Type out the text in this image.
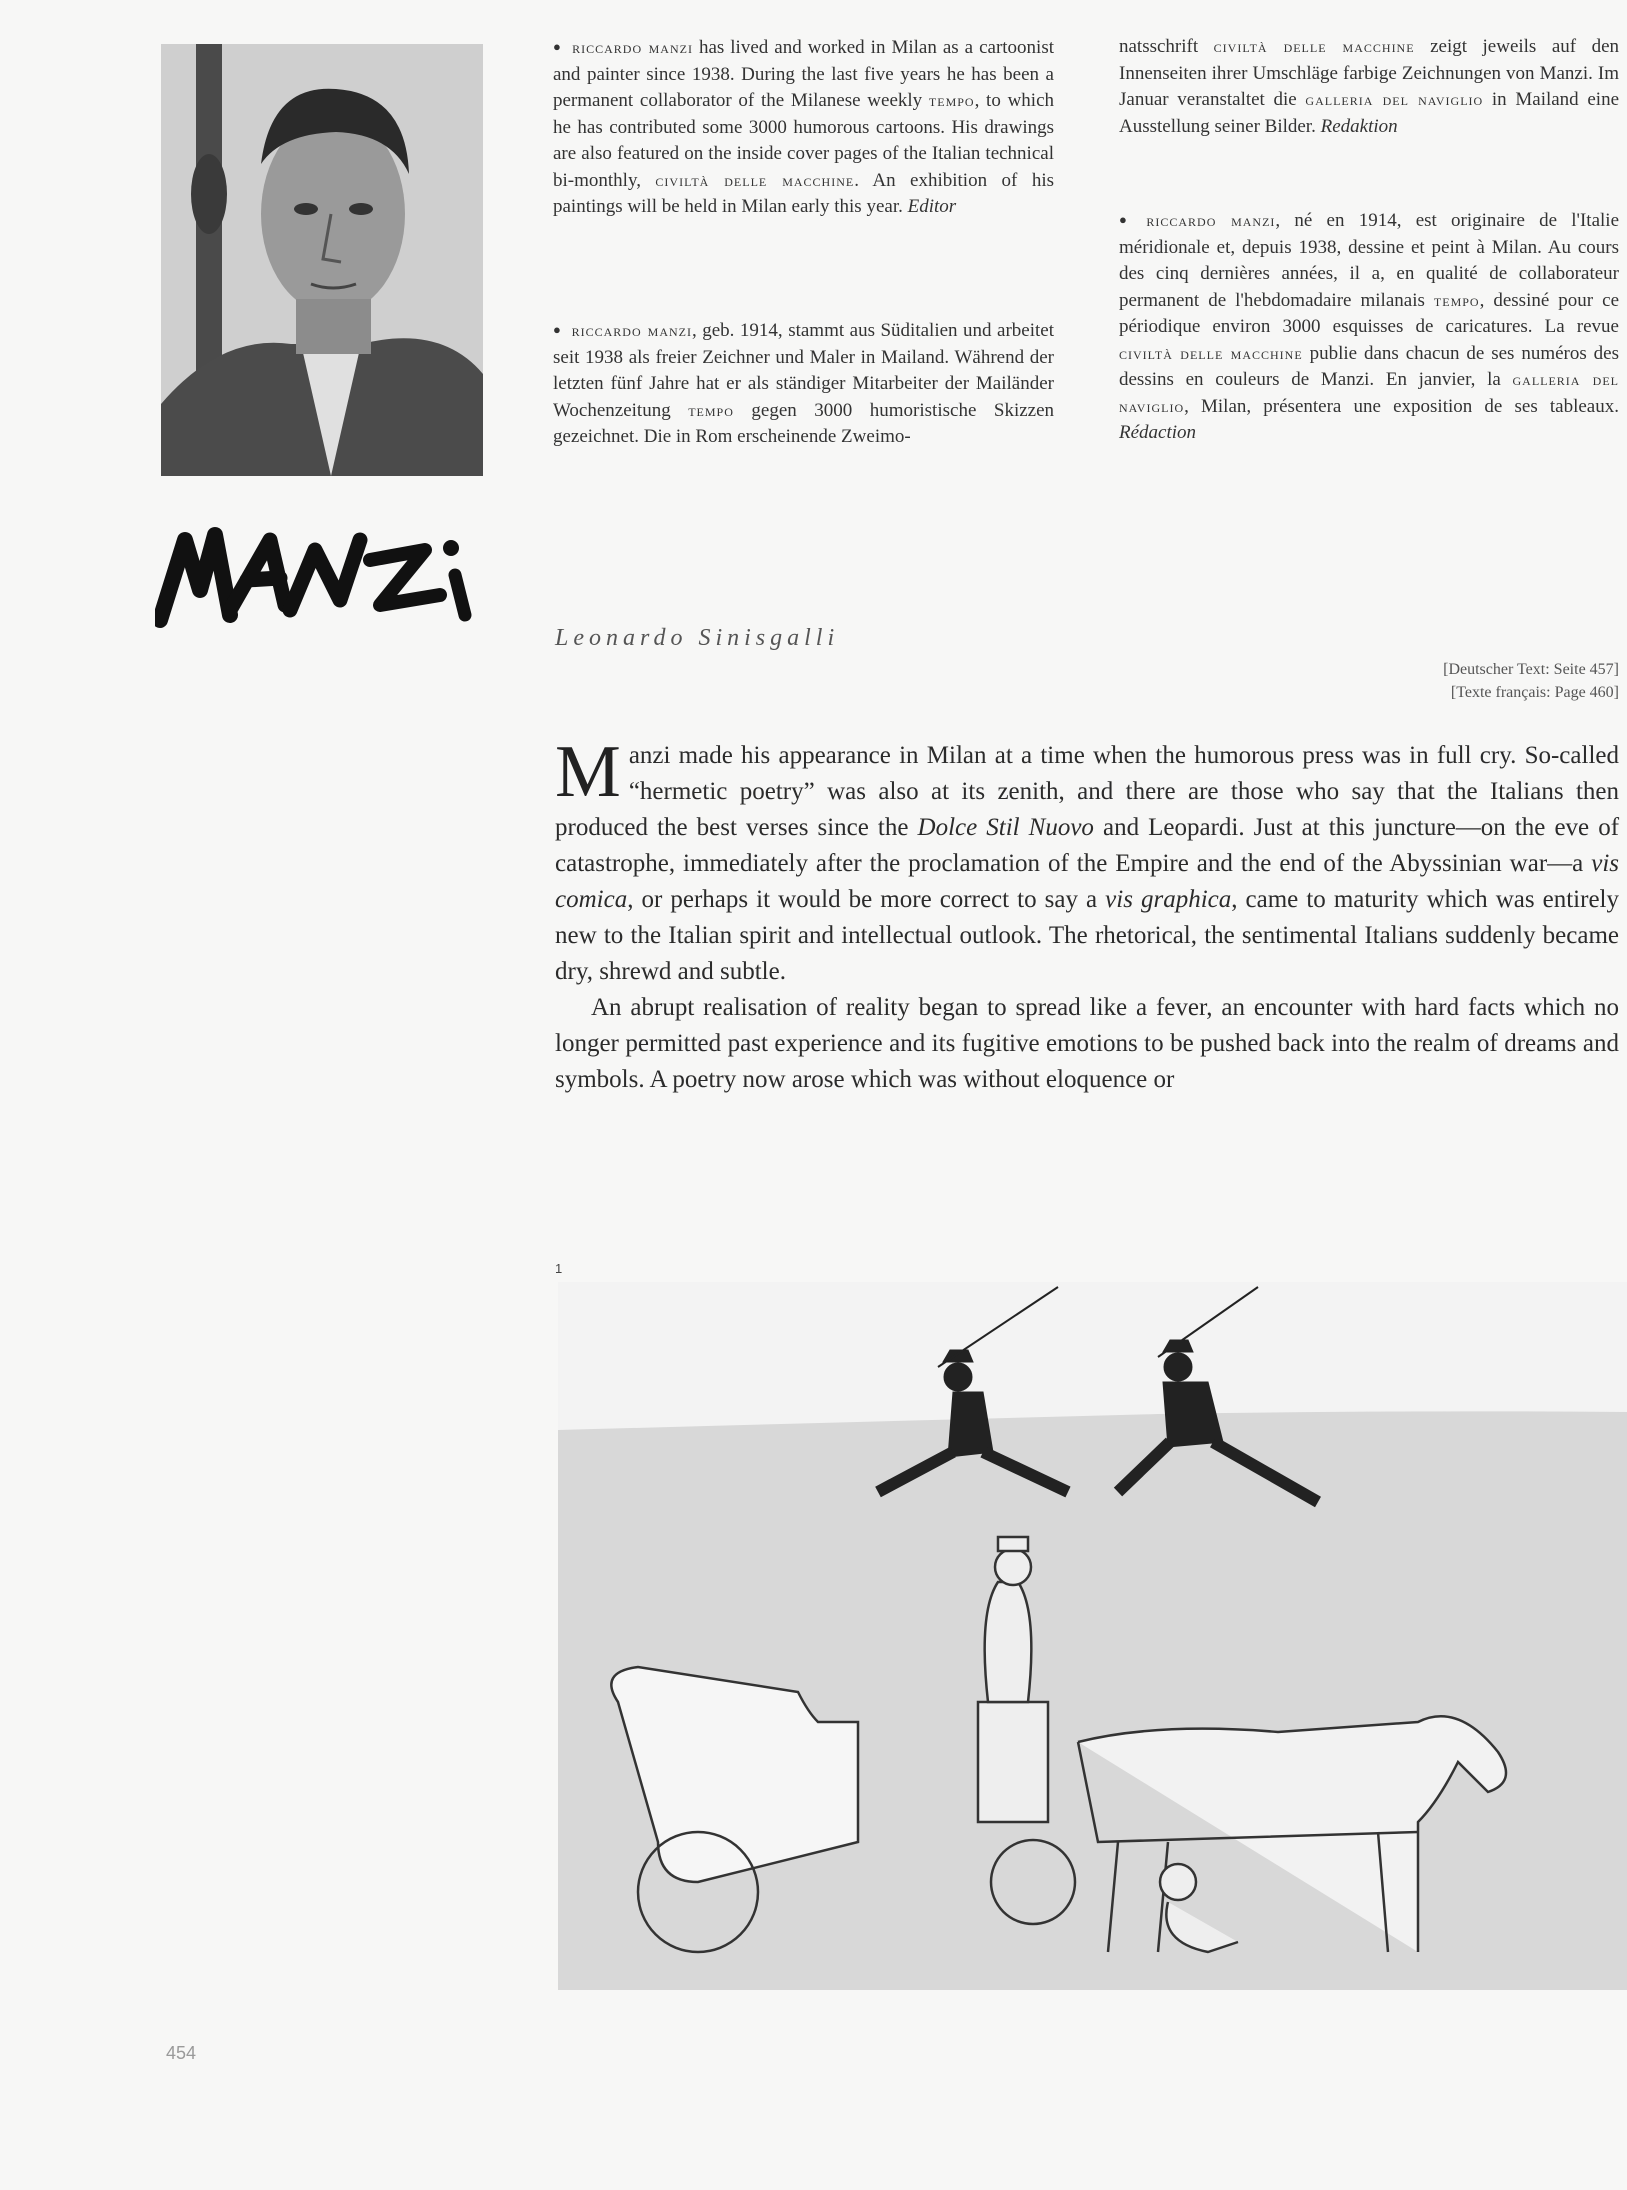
● riccardo manzi has lived and worked in Milan as a cartoonist and painter since 1938. During the last five years he has been a permanent collaborator of the Milanese weekly tempo, to which he has contributed some 3000 humorous cartoons. His drawings are also featured on the inside cover pages of the Italian technical bi-monthly, civiltà delle macchine. An exhibition of his paintings will be held in Milan early this year. Editor
● riccardo manzi, geb. 1914, stammt aus Süditalien und arbeitet seit 1938 als freier Zeichner und Maler in Mailand. Während der letzten fünf Jahre hat er als ständiger Mitarbeiter der Mailänder Wochenzeitung tempo gegen 3000 humoristische Skizzen gezeichnet. Die in Rom erscheinende Zweimo-
natsschrift civiltà delle macchine zeigt jeweils auf den Innenseiten ihrer Umschläge farbige Zeichnungen von Manzi. Im Januar veranstaltet die galleria del naviglio in Mailand eine Ausstellung seiner Bilder. Redaktion
● riccardo manzi, né en 1914, est originaire de l'Italie méridionale et, depuis 1938, dessine et peint à Milan. Au cours des cinq dernières années, il a, en qualité de collaborateur permanent de l'hebdomadaire milanais tempo, dessiné pour ce périodique environ 3000 esquisses de caricatures. La revue civiltà delle macchine publie dans chacun de ses numéros des dessins en couleurs de Manzi. En janvier, la galleria del naviglio, Milan, présentera une exposition de ses tableaux. Rédaction
Leonardo Sinisgalli
[Deutscher Text: Seite 457]
[Texte français: Page 460]

Manzi made his appearance in Milan at a time when the humorous press was in full cry. So-called “hermetic poetry” was also at its zenith, and there are those who say that the Italians then produced the best verses since the Dolce Stil Nuovo and Leopardi. Just at this juncture—on the eve of catastrophe, immediately after the proclamation of the Empire and the end of the Abyssinian war—a vis comica, or perhaps it would be more correct to say a vis graphica, came to maturity which was entirely new to the Italian spirit and intellectual outlook. The rhetorical, the sentimental Italians suddenly became dry, shrewd and subtle.

An abrupt realisation of reality began to spread like a fever, an encounter with hard facts which no longer permitted past experience and its fugitive emotions to be pushed back into the realm of dreams and symbols. A poetry now arose which was without eloquence or

1
454
